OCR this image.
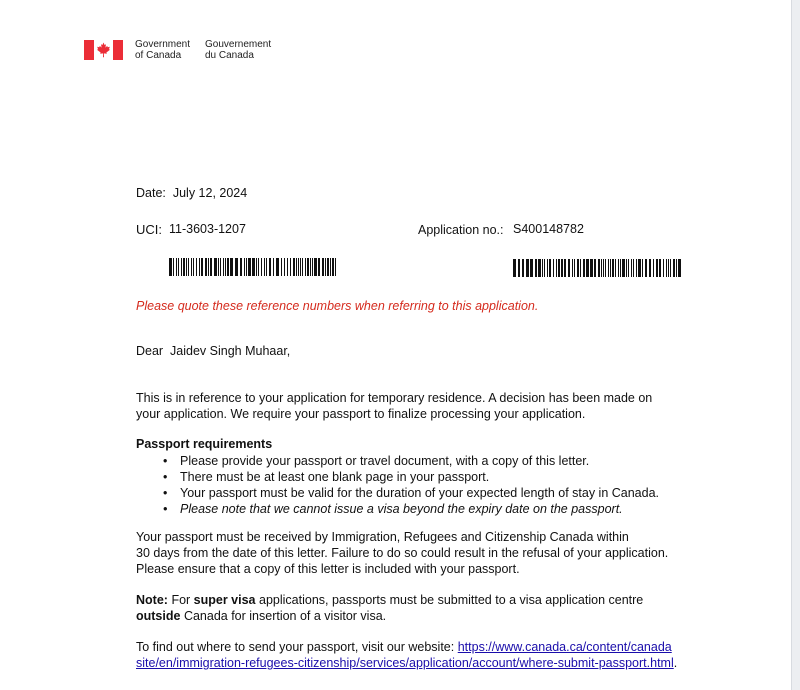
Government
of Canada
Gouvernement
du Canada
Date: July 12, 2024
UCI: 11-3603-1207	Application no.: S400148782
Please quote these reference numbers when referring to this application.
Dear Jaidev Singh Muhaar,
This is in reference to your application for temporary residence. A decision has been made on
your application. We require your passport to finalize processing your application.
Passport requirements
• Please provide your passport or travel document, with a copy of this letter.
• There must be at least one blank page in your passport.
• Your passport must be valid for the duration of your expected length of stay in Canada.
• Please note that we cannot issue a visa beyond the expiry date on the passport.
Your passport must be received by Immigration, Refugees and Citizenship Canada within
30 days from the date of this letter. Failure to do so could result in the refusal of your application.
Please ensure that a copy of this letter is included with your passport.
Note: For super visa applications, passports must be submitted to a visa application centre
outside Canada for insertion of a visitor visa.
To find out where to send your passport, visit our website: https://www.canada.ca/content/canada
site/en/immigration-refugees-citizenship/services/application/account/where-submit-passport.html.
